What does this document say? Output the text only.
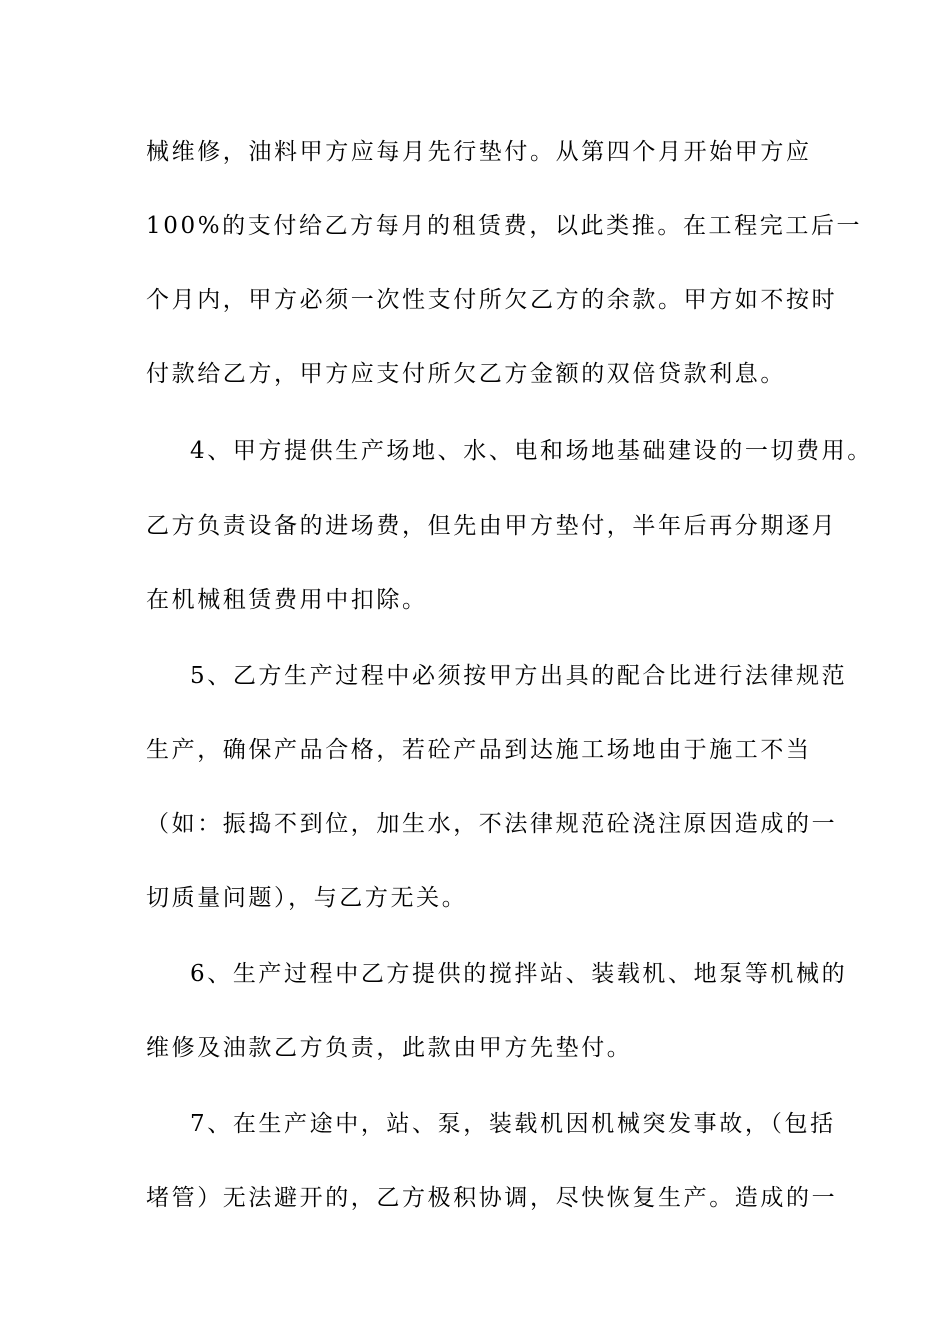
械维修，油料甲方应每月先行垫付。从第四个月开始甲方应
100%的支付给乙方每月的租赁费，以此类推。在工程完工后一
个月内，甲方必须一次性支付所欠乙方的余款。甲方如不按时
付款给乙方，甲方应支付所欠乙方金额的双倍贷款利息。
4、甲方提供生产场地、水、电和场地基础建设的一切费用。
乙方负责设备的进场费，但先由甲方垫付，半年后再分期逐月
在机械租赁费用中扣除。
5、乙方生产过程中必须按甲方出具的配合比进行法律规范
生产，确保产品合格，若砼产品到达施工场地由于施工不当
（如：振捣不到位，加生水，不法律规范砼浇注原因造成的一
切质量问题），与乙方无关。
6、生产过程中乙方提供的搅拌站、装载机、地泵等机械的
维修及油款乙方负责，此款由甲方先垫付。
7、在生产途中，站、泵，装载机因机械突发事故，（包括
堵管）无法避开的，乙方极积协调，尽快恢复生产。造成的一
